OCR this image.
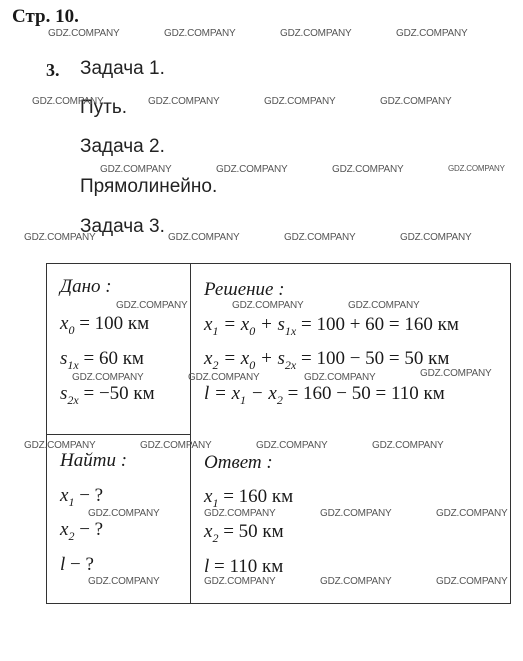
Стр. 10.
3. Задача 1.
Путь.
Задача 2.
Прямолинейно.
Задача 3.
Дано :
$x_0 = 100$ км
$s_{1x} = 60$ км
$s_{2x} = -50$ км
Найти :
$x_1$ − ?
$x_2$ − ?
l − ?
Решение :
$x_1 = x_0 + s_{1x} = 100 + 60 = 160$ км
$x_2 = x_0 + s_{2x} = 100 - 50 = 50$ км
$l = x_1 - x_2 = 160 - 50 = 110$ км
Ответ :
$x_1 = 160$ км
$x_2 = 50$ км
l = 110 км
GDZ.COMPANY	GDZ.COMPANY	GDZ.COMPANY	GDZ.COMPANY
GDZ.COMPANY	GDZ.COMPANY	GDZ.COMPANY	GDZ.COMPANY
GDZ.COMPANY	GDZ.COMPANY	GDZ.COMPANY	GDZ.COMPANY
GDZ.COMPANY	GDZ.COMPANY	GDZ.COMPANY	GDZ.COMPANY
GDZ.COMPANY	GDZ.COMPANY	GDZ.COMPANY
GDZ.COMPANY	GDZ.COMPANY	GDZ.COMPANY	GDZ.COMPANY
GDZ.COMPANY	GDZ.COMPANY	GDZ.COMPANY	GDZ.COMPANY
GDZ.COMPANY	GDZ.COMPANY	GDZ.COMPANY	GDZ.COMPANY
GDZ.COMPANY	GDZ.COMPANY	GDZ.COMPANY	GDZ.COMPANY
